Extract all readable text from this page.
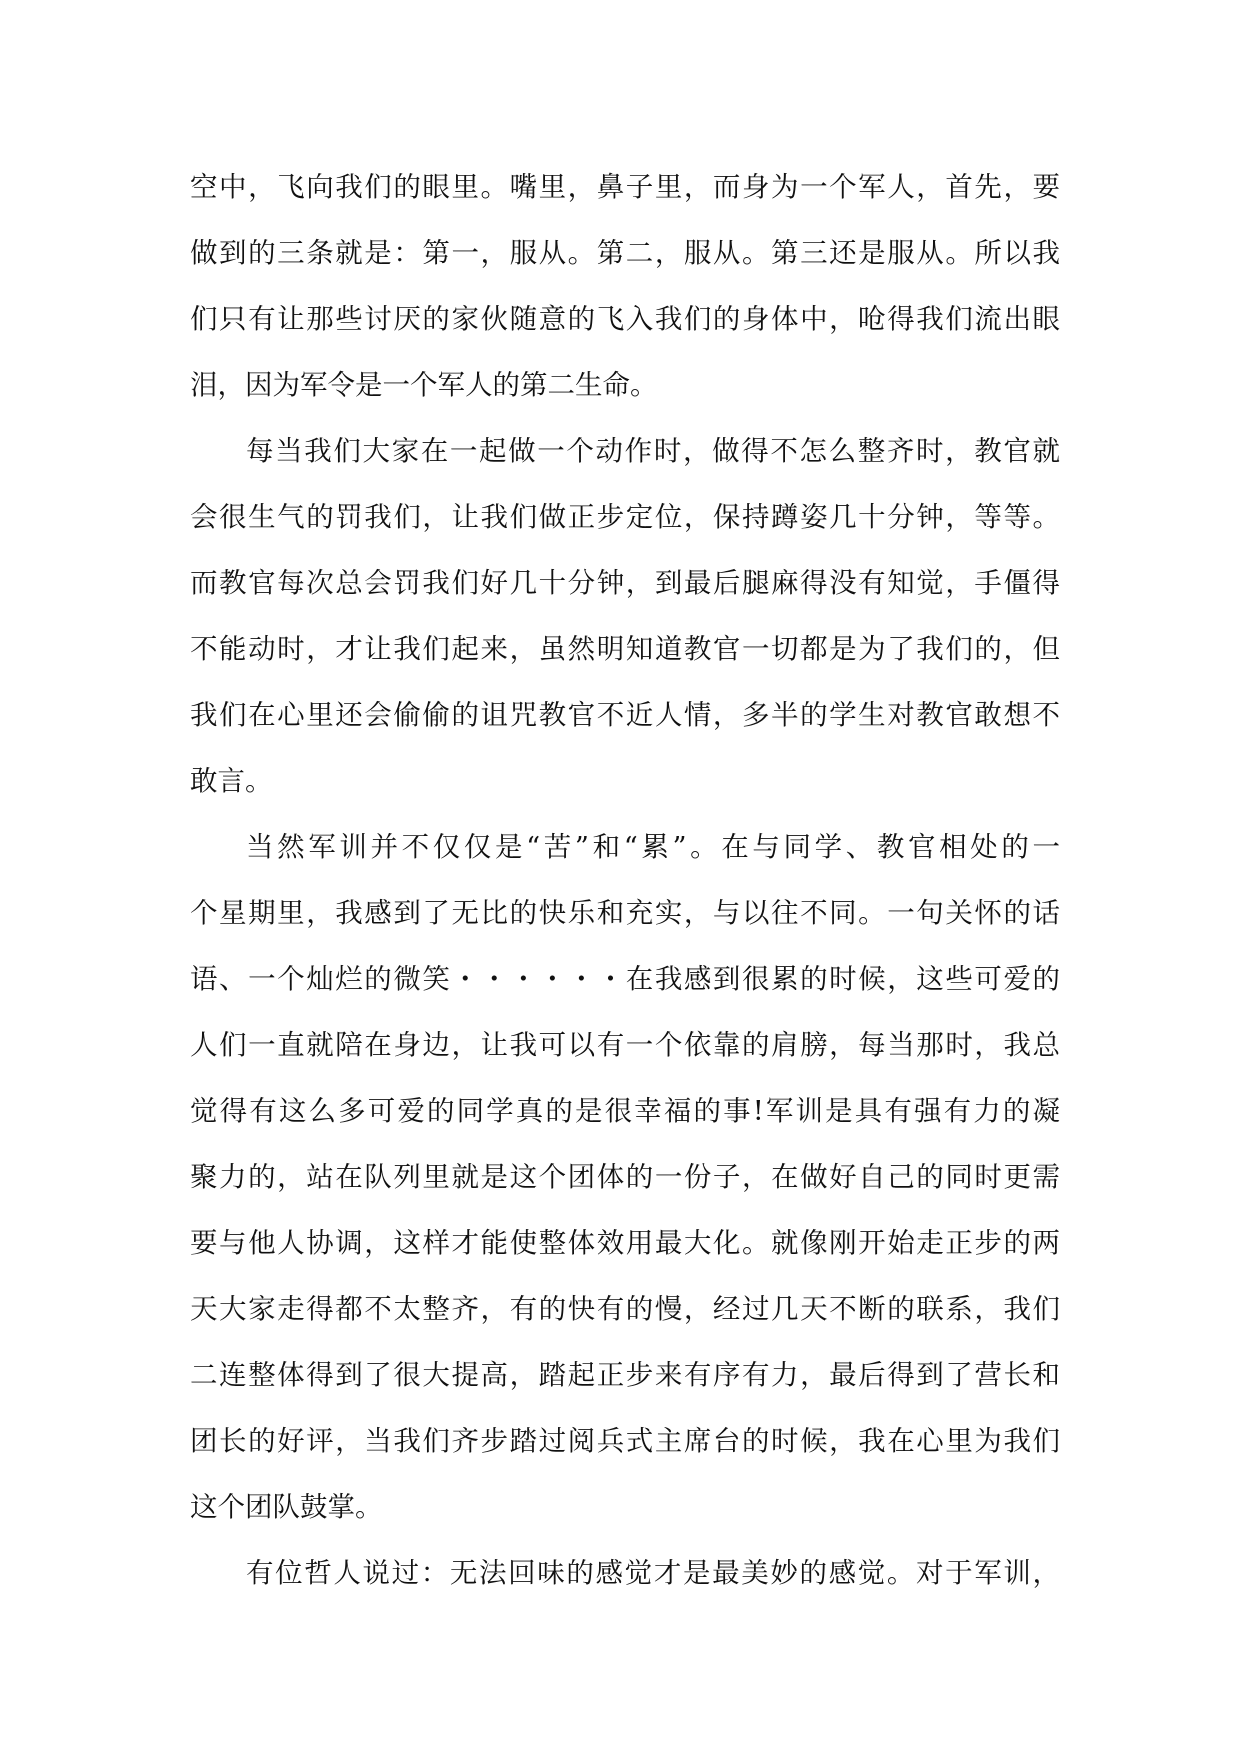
空中，飞向我们的眼里。嘴里，鼻子里，而身为一个军人，首先，要
做到的三条就是：第一，服从。第二，服从。第三还是服从。所以我
们只有让那些讨厌的家伙随意的飞入我们的身体中，呛得我们流出眼
泪，因为军令是一个军人的第二生命。
每当我们大家在一起做一个动作时，做得不怎么整齐时，教官就
会很生气的罚我们，让我们做正步定位，保持蹲姿几十分钟，等等。
而教官每次总会罚我们好几十分钟，到最后腿麻得没有知觉，手僵得
不能动时，才让我们起来，虽然明知道教官一切都是为了我们的，但
我们在心里还会偷偷的诅咒教官不近人情，多半的学生对教官敢想不
敢言。
当然军训并不仅仅是“苦”和“累”。在与同学、教官相处的一
个星期里，我感到了无比的快乐和充实，与以往不同。一句关怀的话
语、一个灿烂的微笑・・・・・・在我感到很累的时候，这些可爱的
人们一直就陪在身边，让我可以有一个依靠的肩膀，每当那时，我总
觉得有这么多可爱的同学真的是很幸福的事!军训是具有强有力的凝
聚力的，站在队列里就是这个团体的一份子，在做好自己的同时更需
要与他人协调，这样才能使整体效用最大化。就像刚开始走正步的两
天大家走得都不太整齐，有的快有的慢，经过几天不断的联系，我们
二连整体得到了很大提高，踏起正步来有序有力，最后得到了营长和
团长的好评，当我们齐步踏过阅兵式主席台的时候，我在心里为我们
这个团队鼓掌。
有位哲人说过：无法回味的感觉才是最美妙的感觉。对于军训，
